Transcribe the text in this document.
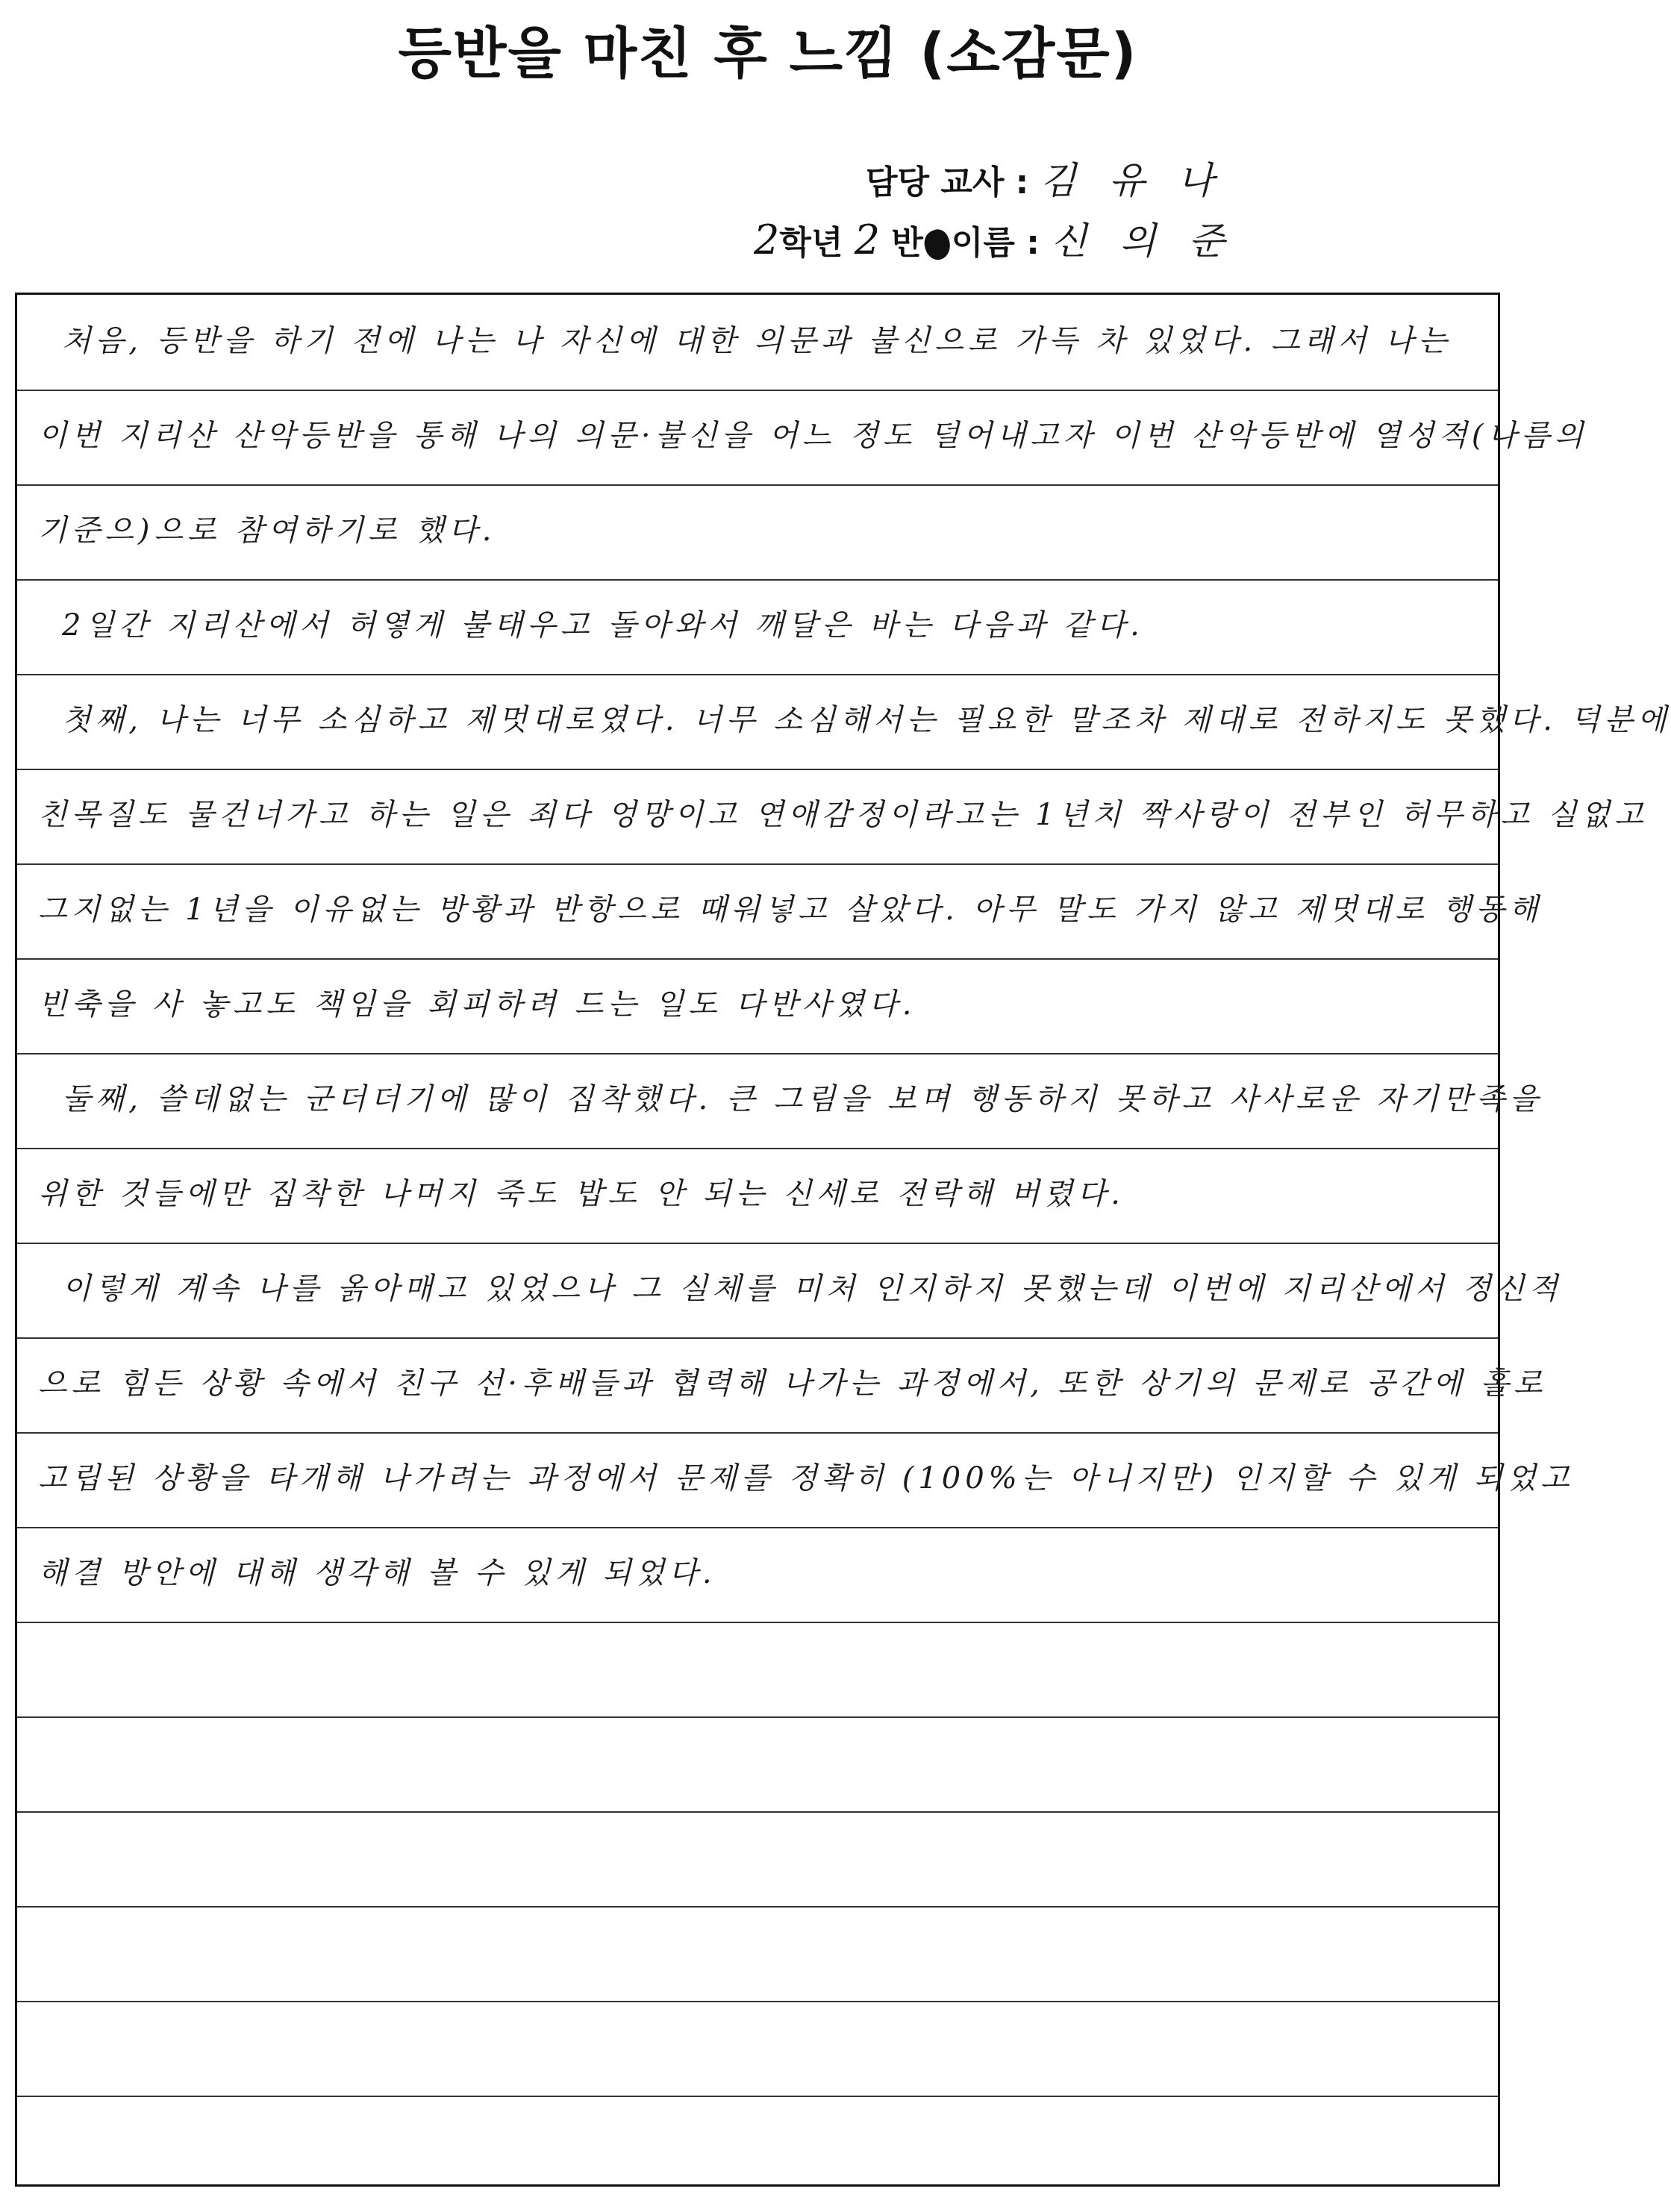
등반을 마친 후 느낌 (소감문)
담당 교사 : 김 유 나
2학년 2 반 이름 : 신 의 준
처음, 등반을 하기 전에 나는 나 자신에 대한 의문과 불신으로 가득 차 있었다. 그래서 나는
이번 지리산 산악등반을 통해 나의 의문·불신을 어느 정도 덜어내고자 이번 산악등반에 열성적(나름의
기준으)으로 참여하기로 했다.
2일간 지리산에서 허옇게 불태우고 돌아와서 깨달은 바는 다음과 같다.
첫째, 나는 너무 소심하고 제멋대로였다. 너무 소심해서는 필요한 말조차 제대로 전하지도 못했다. 덕분에
친목질도 물건너가고 하는 일은 죄다 엉망이고 연애감정이라고는 1년치 짝사랑이 전부인 허무하고 실없고
그지없는 1년을 이유없는 방황과 반항으로 때워넣고 살았다. 아무 말도 가지 않고 제멋대로 행동해
빈축을 사 놓고도 책임을 회피하려 드는 일도 다반사였다.
둘째, 쓸데없는 군더더기에 많이 집착했다. 큰 그림을 보며 행동하지 못하고 사사로운 자기만족을
위한 것들에만 집착한 나머지 죽도 밥도 안 되는 신세로 전락해 버렸다.
이렇게 계속 나를 옭아매고 있었으나 그 실체를 미처 인지하지 못했는데 이번에 지리산에서 정신적
으로 힘든 상황 속에서 친구 선·후배들과 협력해 나가는 과정에서, 또한 상기의 문제로 공간에 홀로
고립된 상황을 타개해 나가려는 과정에서 문제를 정확히 (100%는 아니지만) 인지할 수 있게 되었고
해결 방안에 대해 생각해 볼 수 있게 되었다.
